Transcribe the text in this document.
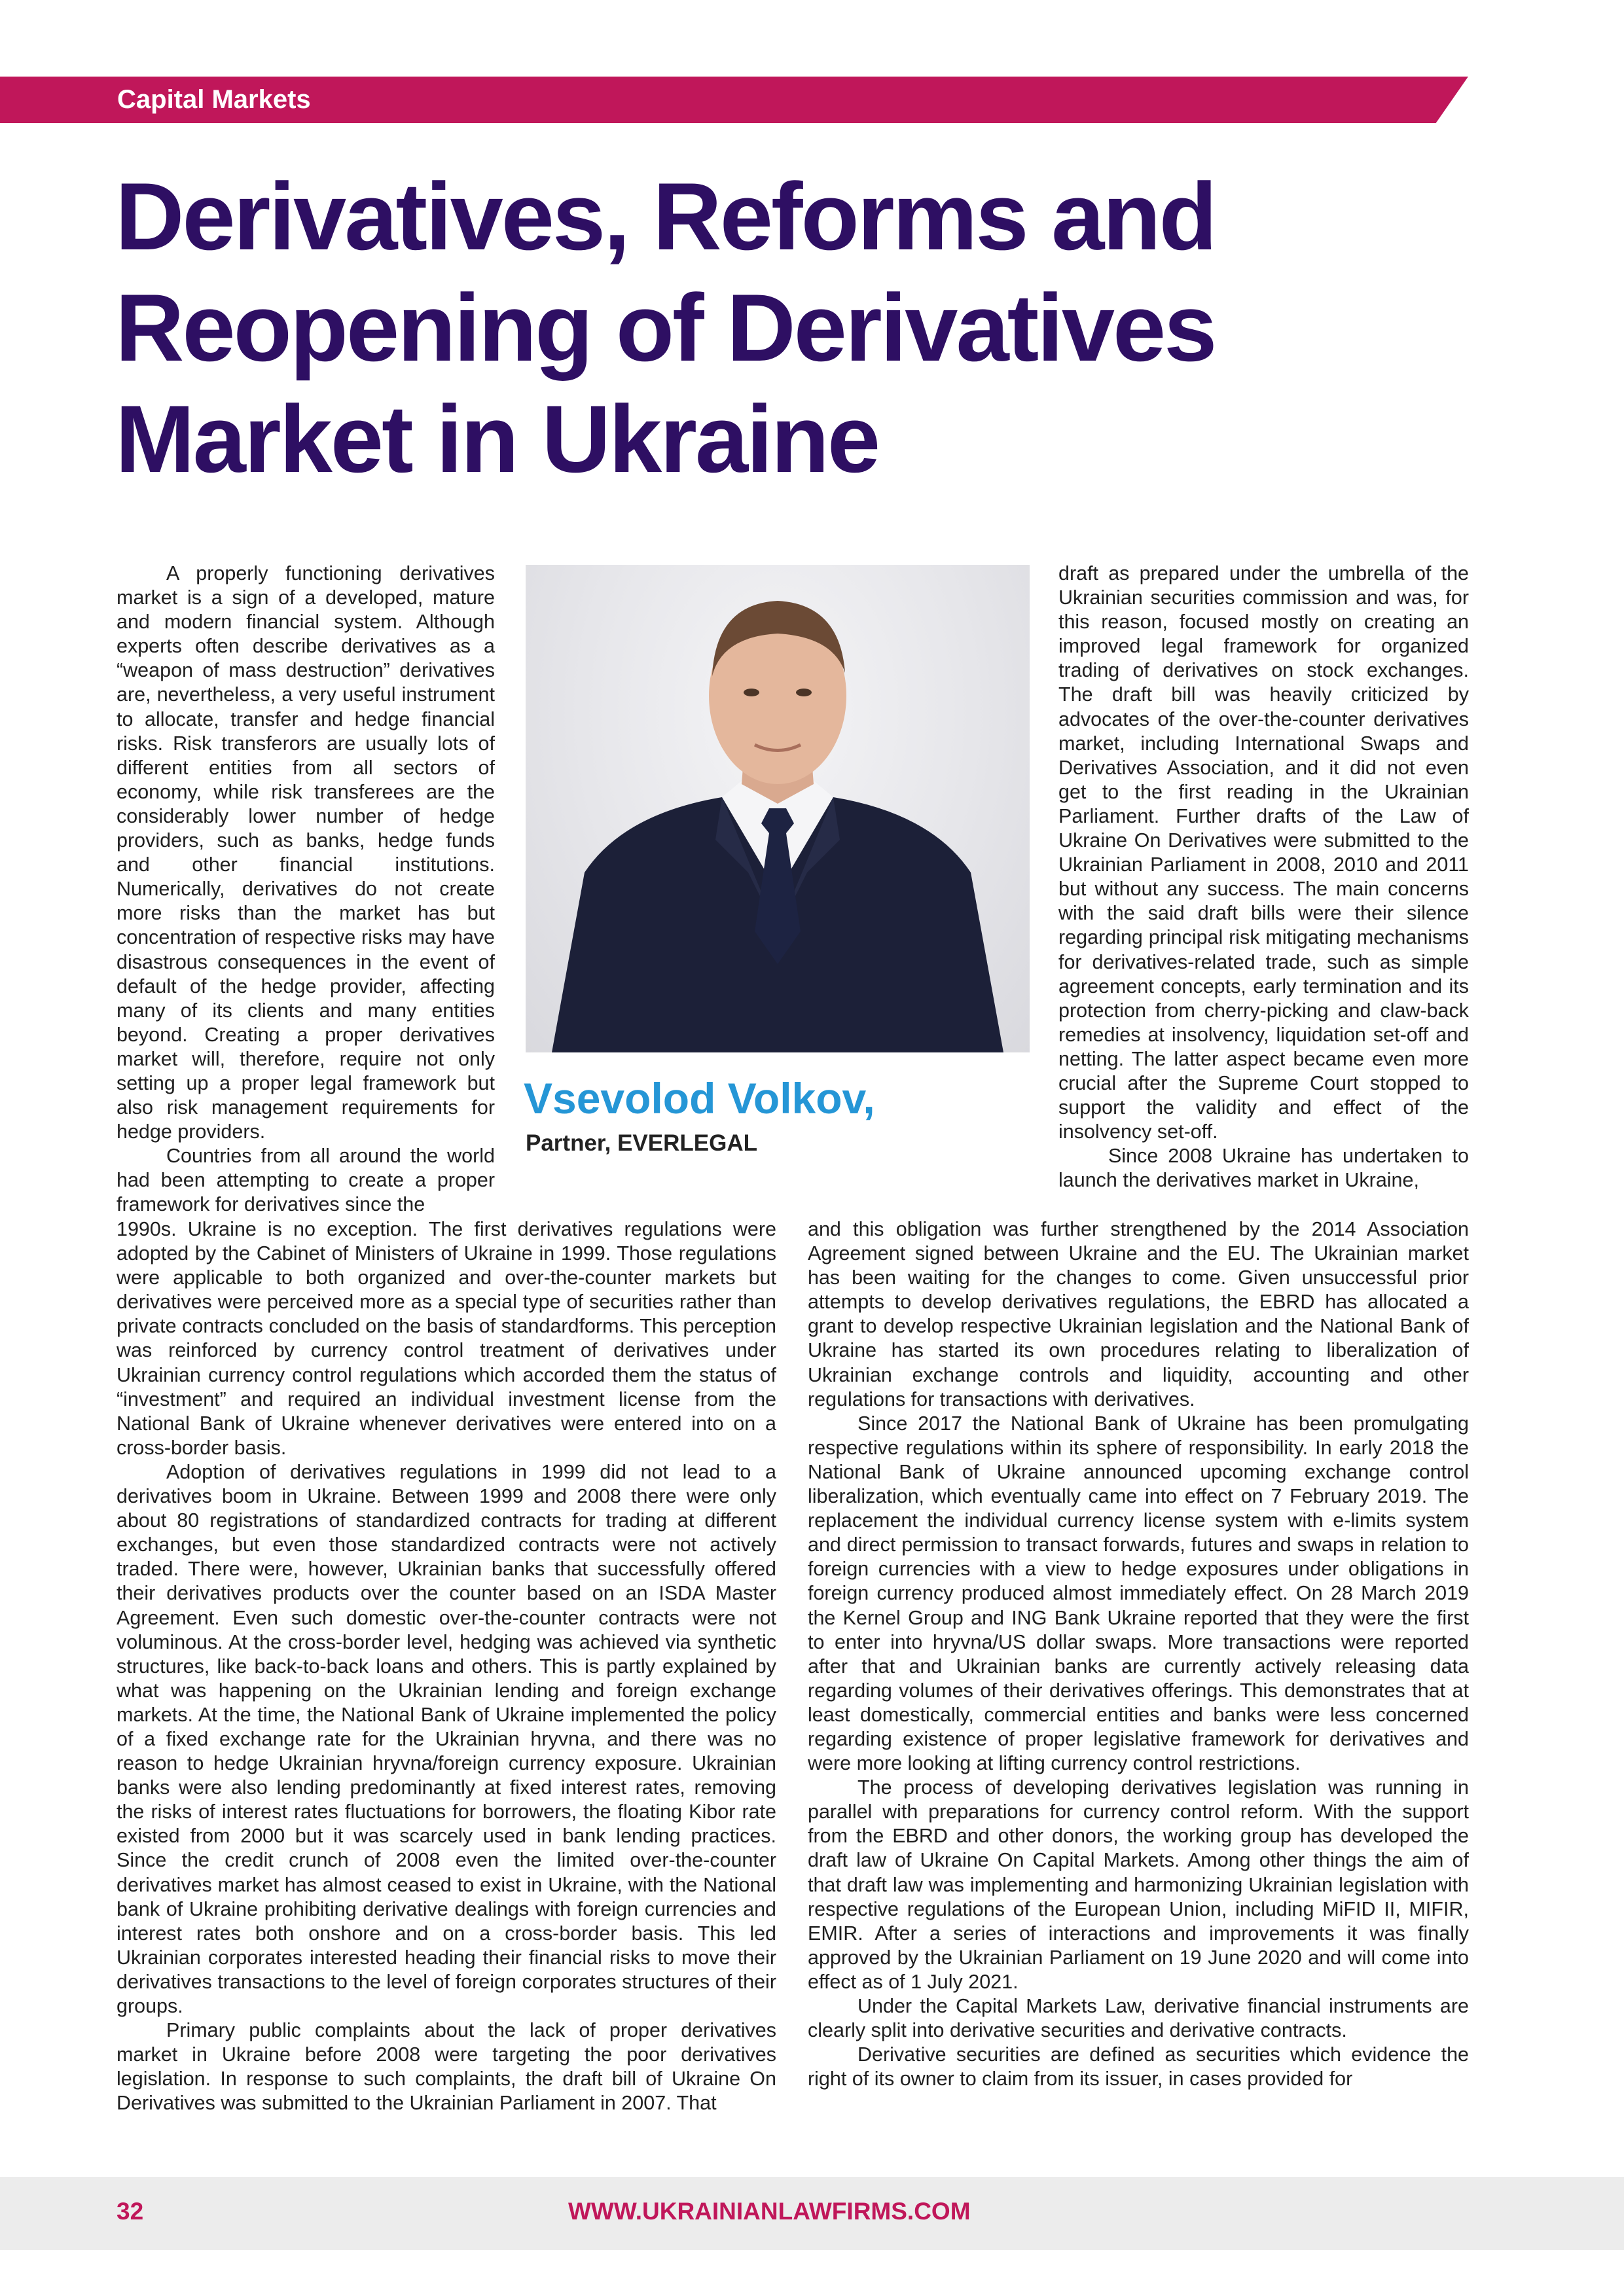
Capital Markets
Derivatives, Reforms and
Reopening of Derivatives
Market in Ukraine

A properly functioning derivatives market is a sign of a developed, mature and modern financial system. Although experts often describe derivatives as a “weapon of mass destruction” derivatives are, nevertheless, a very useful instrument to allocate, transfer and hedge financial risks. Risk transferors are usually lots of different entities from all sectors of economy, while risk transferees are the considerably lower number of hedge providers, such as banks, hedge funds and other financial institutions. Numerically, derivatives do not create more risks than the market has but concentration of respective risks may have disastrous consequences in the event of default of the hedge provider, affecting many of its clients and many entities beyond. Creating a proper derivatives market will, therefore, require not only setting up a proper legal framework but also risk management requirements for hedge providers.

Countries from all around the world had been attempting to create a proper framework for derivatives since the

Vsevolod Volkov,
Partner, EVERLEGAL

draft as prepared under the umbrella of the Ukrainian securities commission and was, for this reason, focused mostly on creating an improved legal framework for organized trading of derivatives on stock exchanges. The draft bill was heavily criticized by advocates of the over-the-counter derivatives market, including International Swaps and Derivatives Association, and it did not even get to the first reading in the Ukrainian Parliament. Further drafts of the Law of Ukraine On Derivatives were submitted to the Ukrainian Parliament in 2008, 2010 and 2011 but without any success. The main concerns with the said draft bills were their silence regarding principal risk mitigating mechanisms for derivatives-related trade, such as simple agreement concepts, early termination and its protection from cherry-picking and claw-back remedies at insolvency, liquidation set-off and netting. The latter aspect became even more crucial after the Supreme Court stopped to support the validity and effect of the insolvency set-off.

Since 2008 Ukraine has undertaken to launch the derivatives market in Ukraine,

1990s. Ukraine is no exception. The first derivatives regulations were adopted by the Cabinet of Ministers of Ukraine in 1999. Those regulations were applicable to both organized and over-the-counter markets but derivatives were perceived more as a special type of securities rather than private contracts concluded on the basis of standardforms. This perception was reinforced by currency control treatment of derivatives under Ukrainian currency control regulations which accorded them the status of “investment” and required an individual investment license from the National Bank of Ukraine whenever derivatives were entered into on a cross-border basis.

Adoption of derivatives regulations in 1999 did not lead to a derivatives boom in Ukraine. Between 1999 and 2008 there were only about 80 registrations of standardized contracts for trading at different exchanges, but even those standardized contracts were not actively traded. There were, however, Ukrainian banks that successfully offered their derivatives products over the counter based on an ISDA Master Agreement. Even such domestic over-the-counter contracts were not voluminous. At the cross-border level, hedging was achieved via synthetic structures, like back-to-back loans and others. This is partly explained by what was happening on the Ukrainian lending and foreign exchange markets. At the time, the National Bank of Ukraine implemented the policy of a fixed exchange rate for the Ukrainian hryvna, and there was no reason to hedge Ukrainian hryvna/foreign currency exposure. Ukrainian banks were also lending predominantly at fixed interest rates, removing the risks of interest rates fluctuations for borrowers, the floating Kibor rate existed from 2000 but it was scarcely used in bank lending practices. Since the credit crunch of 2008 even the limited over-the-counter derivatives market has almost ceased to exist in Ukraine, with the National bank of Ukraine prohibiting derivative dealings with foreign currencies and interest rates both onshore and on a cross-border basis. This led Ukrainian corporates interested heading their financial risks to move their derivatives transactions to the level of foreign corporates structures of their groups.

Primary public complaints about the lack of proper derivatives market in Ukraine before 2008 were targeting the poor derivatives legislation. In response to such complaints, the draft bill of Ukraine On Derivatives was submitted to the Ukrainian Parliament in 2007. That

and this obligation was further strengthened by the 2014 Association Agreement signed between Ukraine and the EU. The Ukrainian market has been waiting for the changes to come. Given unsuccessful prior attempts to develop derivatives regulations, the EBRD has allocated a grant to develop respective Ukrainian legislation and the National Bank of Ukraine has started its own procedures relating to liberalization of Ukrainian exchange controls and liquidity, accounting and other regulations for transactions with derivatives.

Since 2017 the National Bank of Ukraine has been promulgating respective regulations within its sphere of responsibility. In early 2018 the National Bank of Ukraine announced upcoming exchange control liberalization, which eventually came into effect on 7 February 2019. The replacement the individual currency license system with e-limits system and direct permission to transact forwards, futures and swaps in relation to foreign currencies with a view to hedge exposures under obligations in foreign currency produced almost immediately effect. On 28 March 2019 the Kernel Group and ING Bank Ukraine reported that they were the first to enter into hryvna/US dollar swaps. More transactions were reported after that and Ukrainian banks are currently actively releasing data regarding volumes of their derivatives offerings. This demonstrates that at least domestically, commercial entities and banks were less concerned regarding existence of proper legislative framework for derivatives and were more looking at lifting currency control restrictions.

The process of developing derivatives legislation was running in parallel with preparations for currency control reform. With the support from the EBRD and other donors, the working group has developed the draft law of Ukraine On Capital Markets. Among other things the aim of that draft law was implementing and harmonizing Ukrainian legislation with respective regulations of the European Union, including MiFID II, MIFIR, EMIR. After a series of interactions and improvements it was finally approved by the Ukrainian Parliament on 19 June 2020 and will come into effect as of 1 July 2021.

Under the Capital Markets Law, derivative financial instruments are clearly split into derivative securities and derivative contracts.

Derivative securities are defined as securities which evidence the right of its owner to claim from its issuer, in cases provided for

32	WWW.UKRAINIANLAWFIRMS.COM
